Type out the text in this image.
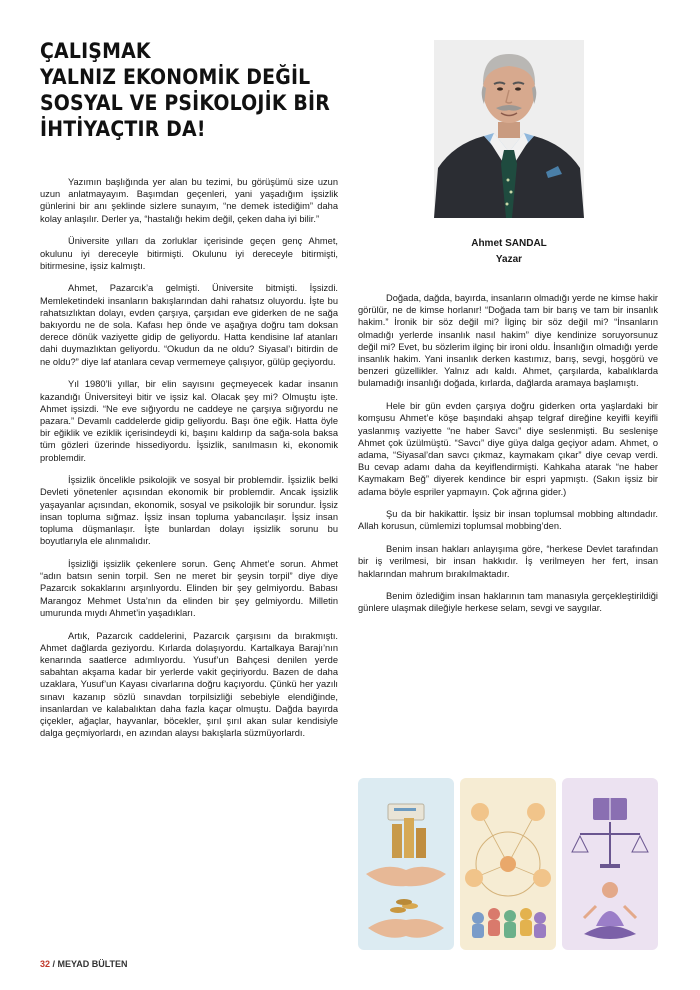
ÇALIŞMAK
YALNIZ EKONOMİK DEĞİL
SOSYAL VE PSİKOLOJİK BİR
İHTİYAÇTIR DA!
Ahmet SANDAL
Yazar

Yazımın başlığında yer alan bu tezimi, bu görüşümü size uzun uzun anlatmayayım. Başımdan geçenleri, yani yaşadığım işsizlik günlerini bir anı şeklinde sizlere sunayım, “ne demek istediğim” daha kolay anlaşılır. Derler ya, “hastalığı hekim değil, çeken daha iyi bilir.”

Üniversite yılları da zorluklar içerisinde geçen genç Ahmet, okulunu iyi dereceyle bitirmişti. Okulunu iyi dereceyle bitirmişti, bitirmesine, işsiz kalmıştı.

Ahmet, Pazarcık’a gelmişti. Üniversite bitmişti. İşsizdi. Memleketindeki insanların bakışlarından dahi rahatsız oluyordu. İşte bu rahatsızlıktan dolayı, evden çarşıya, çarşıdan eve giderken de ne sağa bakıyordu ne de sola. Kafası hep önde ve aşağıya doğru tam doksan derece dönük vaziyette gidip de geliyordu. Hatta kendisine laf atanları dahi duymazlıktan geliyordu. “Okudun da ne oldu? Siyasal’ı bitirdin de ne oldu?” diye laf atanlara cevap vermemeye çalışıyor, gülüp geçiyordu.

Yıl 1980’li yıllar, bir elin sayısını geçmeyecek kadar insanın kazandığı Üniversiteyi bitir ve işsiz kal. Olacak şey mi? Olmuştu işte. Ahmet işsizdi. “Ne eve sığıyordu ne caddeye ne çarşıya sığıyordu ne pazara.” Devamlı caddelerde gidip geliyordu. Başı öne eğik. Hatta öyle bir eğiklik ve eziklik içerisindeydi ki, başını kaldırıp da sağa-sola baksa tüm gözleri üzerinde hissediyordu. İşsizlik, sanılmasın ki, ekonomik problemdir.

İşsizlik öncelikle psikolojik ve sosyal bir problemdir. İşsizlik belki Devleti yönetenler açısından ekonomik bir problemdir. Ancak işsizlik yaşayanlar açısından, ekonomik, sosyal ve psikolojik bir sorundur. İşsiz insan topluma sığmaz. İşsiz insan topluma yabancılaşır. İşsiz insan topluma düşmanlaşır. İşte bunlardan dolayı işsizlik sorunu bu boyutlarıyla ele alınmalıdır.

İşsizliği işsizlik çekenlere sorun. Genç Ahmet’e sorun. Ahmet “adın batsın senin torpil. Sen ne meret bir şeysin torpil” diye diye Pazarcık sokaklarını arşınlıyordu. Elinden bir şey gelmiyordu. Babası Marangoz Mehmet Usta’nın da elinden bir şey gelmiyordu. Milletin umurunda mıydı Ahmet’in yaşadıkları.

Artık, Pazarcık caddelerini, Pazarcık çarşısını da bırakmıştı. Ahmet dağlarda geziyordu. Kırlarda dolaşıyordu. Kartalkaya Barajı’nın kenarında saatlerce adımlıyordu. Yusuf’un Bahçesi denilen yerde sabahtan akşama kadar bir yerlerde vakit geçiriyordu. Bazen de daha uzaklara, Yusuf’un Kayası civarlarına doğru kaçıyordu. Çünkü her yazılı sınavı kazanıp sözlü sınavdan torpilsizliği sebebiyle elendiğinde, insanlardan ve kalabalıktan daha fazla kaçar olmuştu. Dağda bayırda çiçekler, ağaçlar, hayvanlar, böcekler, şırıl şırıl akan sular kendisiyle dalga geçmiyorlardı, en azından alaysı bakışlarla süzmüyorlardı.

Doğada, dağda, bayırda, insanların olmadığı yerde ne kimse hakir görülür, ne de kimse horlanır! “Doğada tam bir barış ve tam bir insanlık hakim.” İronik bir söz değil mi? İlginç bir söz değil mi? “İnsanların olmadığı yerlerde insanlık nasıl hakim” diye kendinize soruyorsunuz değil mi? Evet, bu sözlerim ilginç bir ironi oldu. İnsanlığın olmadığı yerde insanlık hakim. Yani insanlık derken kastımız, barış, sevgi, hoşgörü ve benzeri güzellikler. Yalnız adı kaldı. Ahmet, çarşılarda, kabalıklarda bulamadığı insanlığı doğada, kırlarda, dağlarda aramaya başlamıştı.

Hele bir gün evden çarşıya doğru giderken orta yaşlardaki bir komşusu Ahmet’e köşe başındaki ahşap telgraf direğine keyifli keyifli yaslanmış vaziyette “ne haber Savcı” diye seslenmişti. Bu seslenişe Ahmet çok üzülmüştü. “Savcı” diye güya dalga geçiyor adam. Ahmet, o adama, “Siyasal’dan savcı çıkmaz, kaymakam çıkar” diye cevap verdi. Bu cevap adamı daha da keyiflendirmişti. Kahkaha atarak “ne haber Kaymakam Beğ” diyerek kendince bir espri yapmıştı. (Sakın işsiz bir adama böyle espriler yapmayın. Çok ağrına gider.)

Şu da bir hakikattir. İşsiz bir insan toplumsal mobbing altındadır. Allah korusun, cümlemizi toplumsal mobbing’den.

Benim insan hakları anlayışıma göre, “herkese Devlet tarafından bir iş verilmesi, bir insan hakkıdır. İş verilmeyen her fert, insan haklarından mahrum bırakılmaktadır.

Benim özlediğim insan haklarının tam manasıyla gerçekleştirildiği günlere ulaşmak dileğiyle herkese selam, sevgi ve saygılar.

32 / MEYAD BÜLTEN
